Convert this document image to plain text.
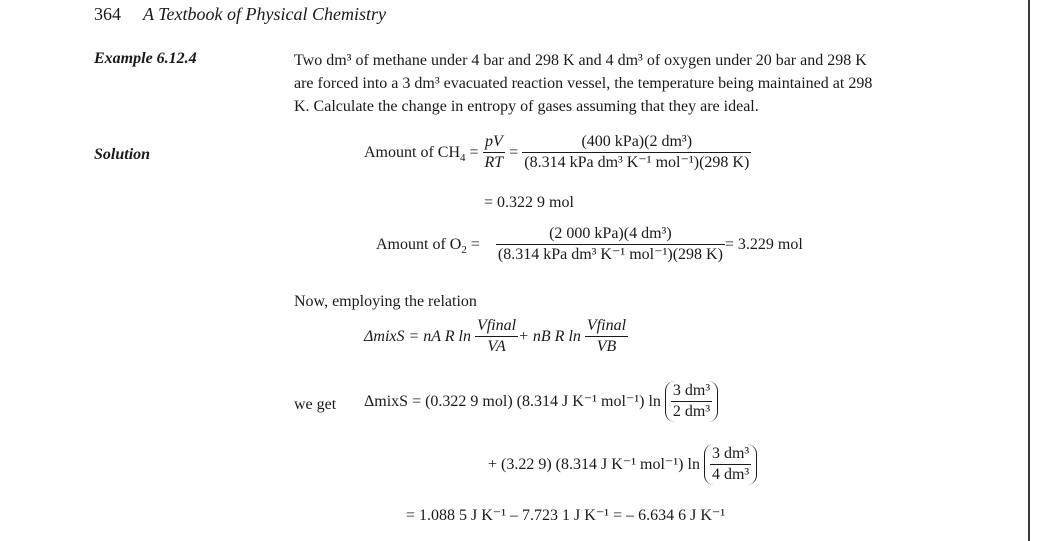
364 A Textbook of Physical Chemistry
Example 6.12.4	Two dm³ of methane under 4 bar and 298 K and 4 dm³ of oxygen under 20 bar and 298 K
are forced into a 3 dm³ evacuated reaction vessel, the temperature being maintained at 298
K. Calculate the change in entropy of gases assuming that they are ideal.
Solution	Amount of $CH_4 = \frac{pV}{RT} = \frac{\text{(400 kPa)(2 dm³)}}{\text{(8.314 kPa dm³ K⁻¹ mol⁻¹)(298 K)}}$
= 0.322 9 mol
Amount of $O_2 = \frac{\text{(2 000 kPa)(4 dm³)}}{\text{(8.314 kPa dm³ K⁻¹ mol⁻¹)(298 K)}} = 3.229$ mol
Now, employing the relation
ΔmixS = nA R ln
$\frac{\text{Vfinal}}{VA}$ + nB R ln
$\frac{\text{Vfinal}}{VB}$
we get ΔmixS = (0.322 9 mol) (8.314 J K⁻¹ mol⁻¹) ln
$\frac{\text{3 dm³}}{\text{2 dm³}}$
+ (3.22 9) (8.314 J K⁻¹ mol⁻¹) ln
$\frac{\text{3 dm³}}{\text{4 dm³}}$
= 1.088 5 J K⁻¹ – 7.723 1 J K⁻¹ = – 6.634 6 J K⁻¹
